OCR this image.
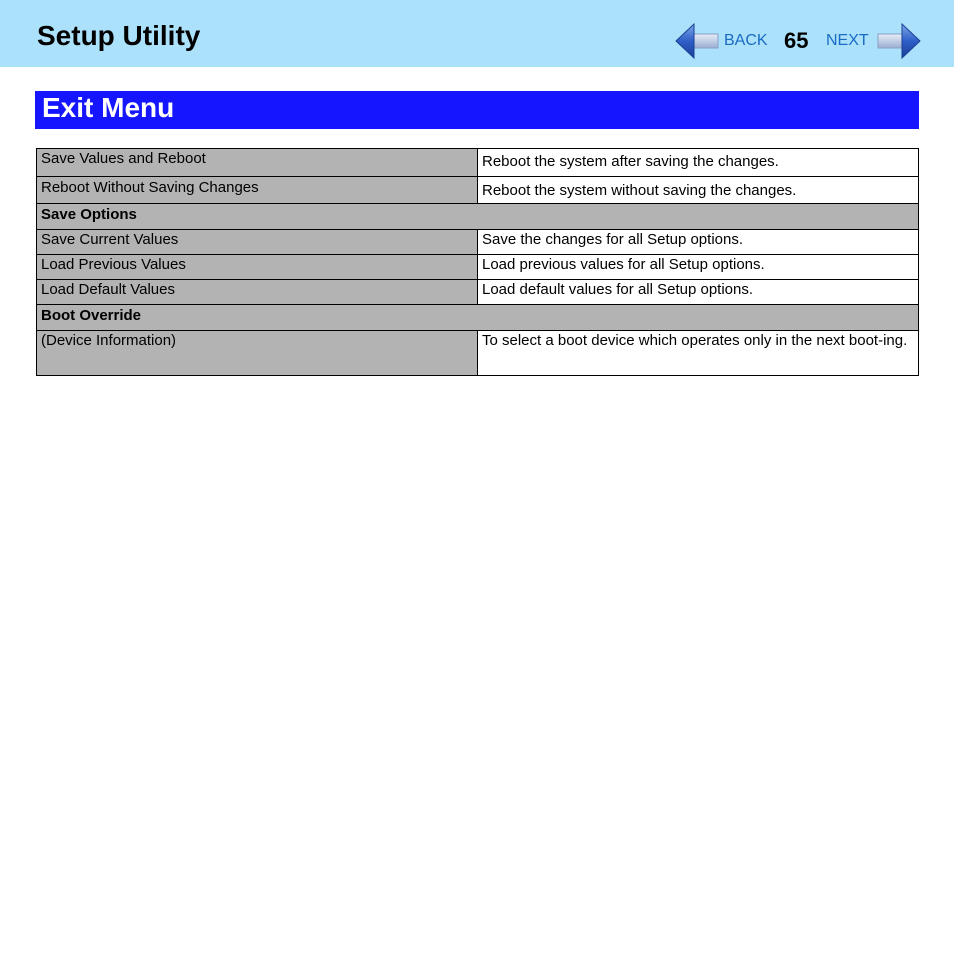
Setup Utility	BACK 65 NEXT
Exit Menu
Save Values and Reboot	Reboot the system after saving the changes.
Reboot Without Saving Changes	Reboot the system without saving the changes.
Save Options	
Save Current Values	Save the changes for all Setup options.
Load Previous Values	Load previous values for all Setup options.
Load Default Values	Load default values for all Setup options.
Boot Override	
(Device Information)	To select a boot device which operates only in the next boot-ing.
